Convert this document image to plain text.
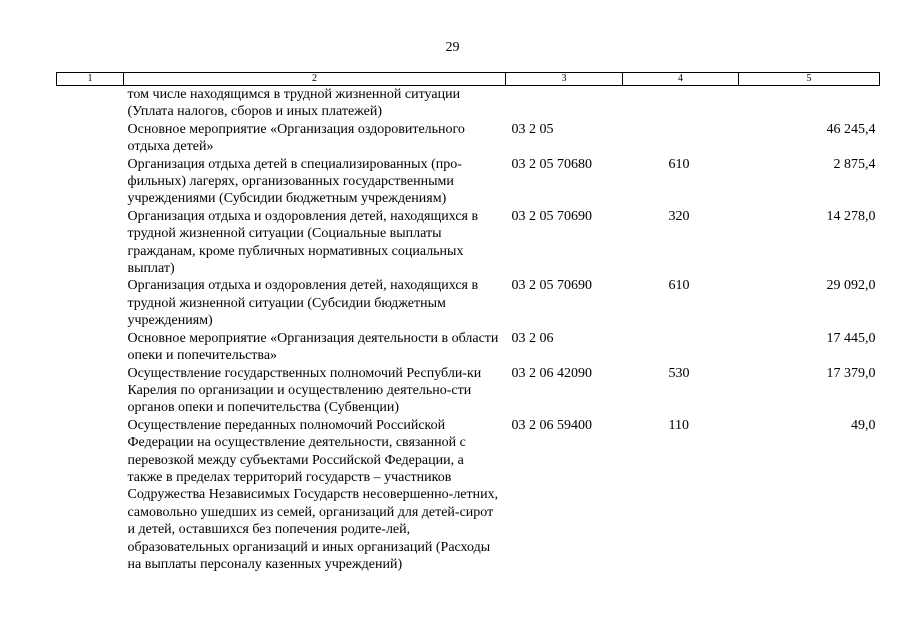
29
1	2	3	4	5
	том числе находящимся в трудной жизненной ситуации (Уплата налогов, сборов и иных платежей)			
	Основное мероприятие «Организация оздоровительного отдыха детей»	03 2 05		46 245,4
	Организация отдыха детей в специализированных (про-фильных) лагерях, организованных государственными учреждениями (Субсидии бюджетным учреждениям)	03 2 05 70680	610	2 875,4
	Организация отдыха и оздоровления детей, находящихся в трудной жизненной ситуации (Социальные выплаты гражданам, кроме публичных нормативных социальных выплат)	03 2 05 70690	320	14 278,0
	Организация отдыха и оздоровления детей, находящихся в трудной жизненной ситуации (Субсидии бюджетным учреждениям)	03 2 05 70690	610	29 092,0
	Основное мероприятие «Организация деятельности в области опеки и попечительства»	03 2 06		17 445,0
	Осуществление государственных полномочий Республи-ки Карелия по организации и осуществлению деятельно-сти органов опеки и попечительства (Субвенции)	03 2 06 42090	530	17 379,0
	Осуществление переданных полномочий Российской Федерации на осуществление деятельности, связанной с перевозкой между субъектами Российской Федерации, а также в пределах территорий государств – участников Содружества Независимых Государств несовершенно-летних, самовольно ушедших из семей, организаций для детей-сирот и детей, оставшихся без попечения родите-лей, образовательных организаций и иных организаций (Расходы на выплаты персоналу казенных учреждений)	03 2 06 59400	110	49,0
